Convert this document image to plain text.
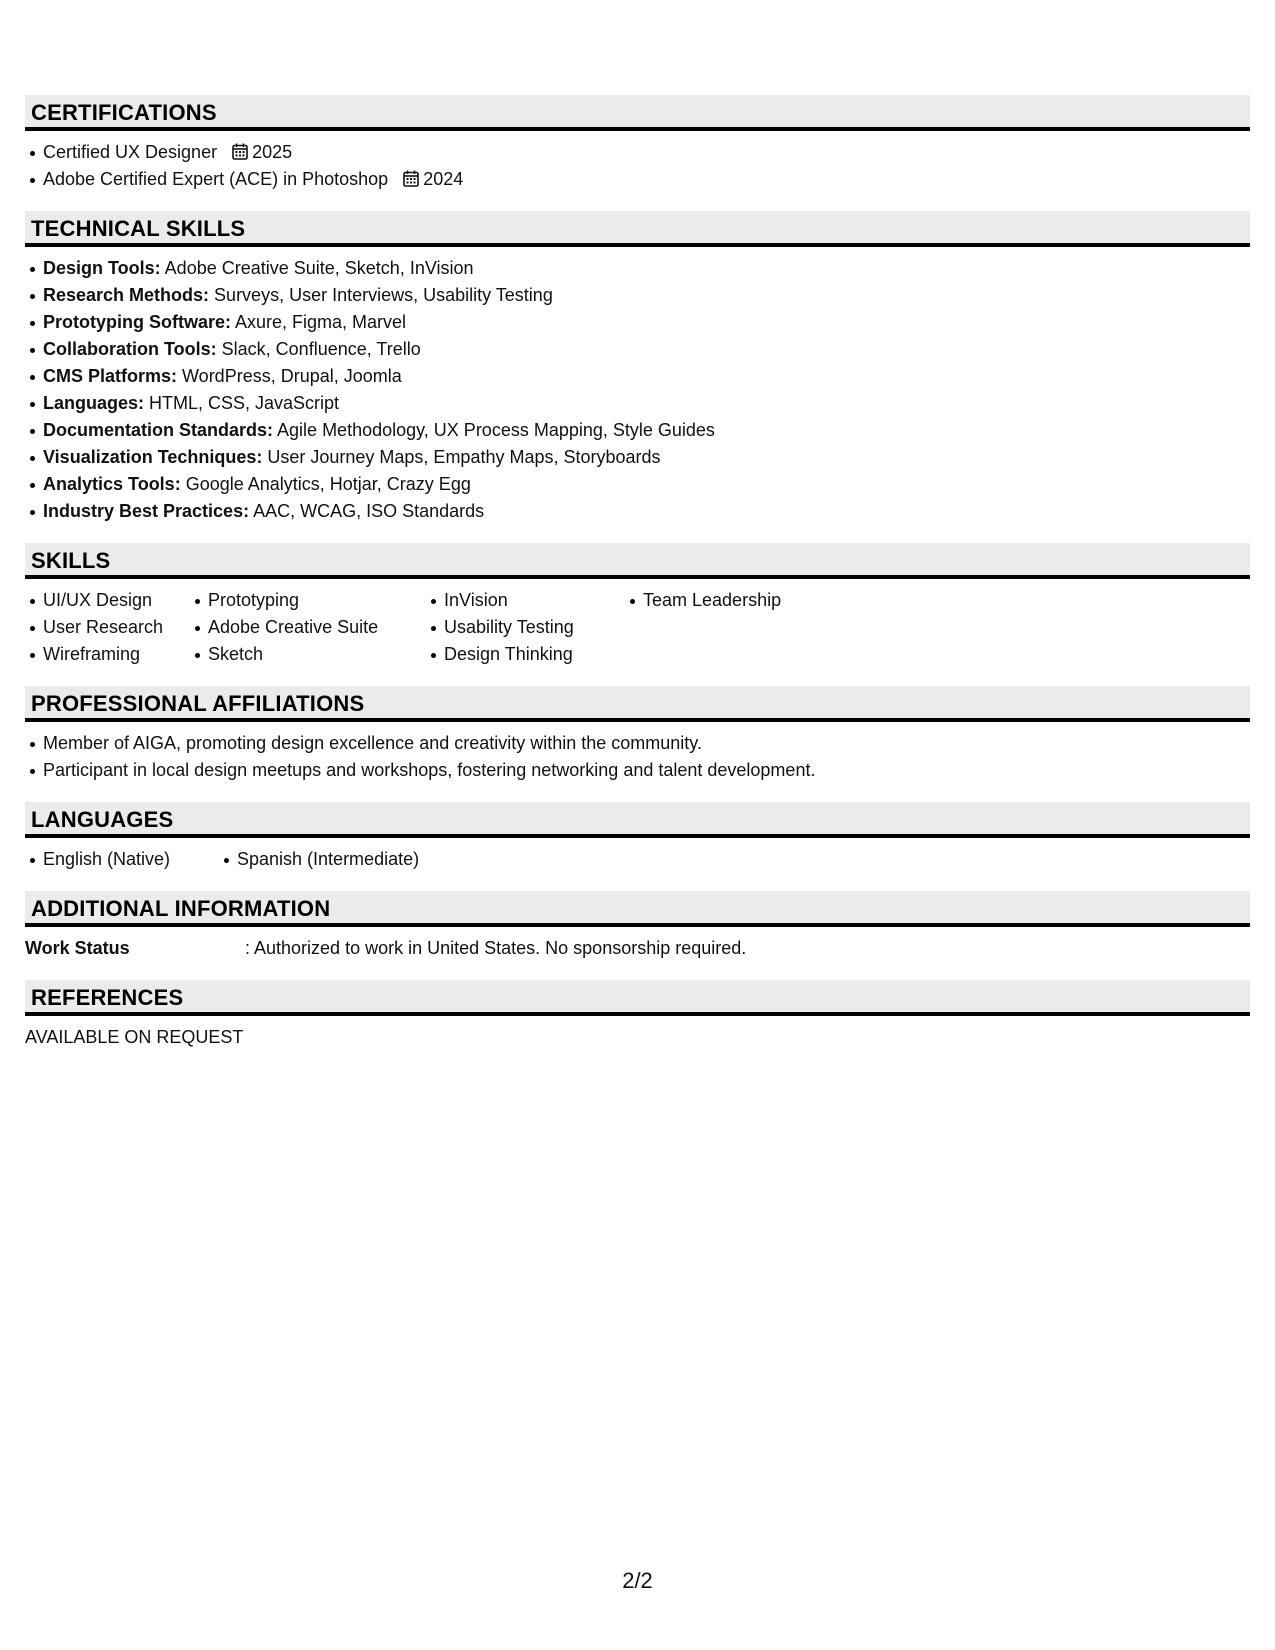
CERTIFICATIONS
Certified UX Designer 2025
Adobe Certified Expert (ACE) in Photoshop 2024
TECHNICAL SKILLS
Design Tools: Adobe Creative Suite, Sketch, InVision
Research Methods: Surveys, User Interviews, Usability Testing
Prototyping Software: Axure, Figma, Marvel
Collaboration Tools: Slack, Confluence, Trello
CMS Platforms: WordPress, Drupal, Joomla
Languages: HTML, CSS, JavaScript
Documentation Standards: Agile Methodology, UX Process Mapping, Style Guides
Visualization Techniques: User Journey Maps, Empathy Maps, Storyboards
Analytics Tools: Google Analytics, Hotjar, Crazy Egg
Industry Best Practices: AAC, WCAG, ISO Standards
SKILLS
UI/UX Design
User Research
Wireframing
Prototyping
Adobe Creative Suite
Sketch
InVision
Usability Testing
Design Thinking
Team Leadership
PROFESSIONAL AFFILIATIONS
Member of AIGA, promoting design excellence and creativity within the community.
Participant in local design meetups and workshops, fostering networking and talent development.
LANGUAGES
English (Native)	Spanish (Intermediate)
ADDITIONAL INFORMATION
Work Status	: Authorized to work in United States. No sponsorship required.
REFERENCES
AVAILABLE ON REQUEST
2/2
